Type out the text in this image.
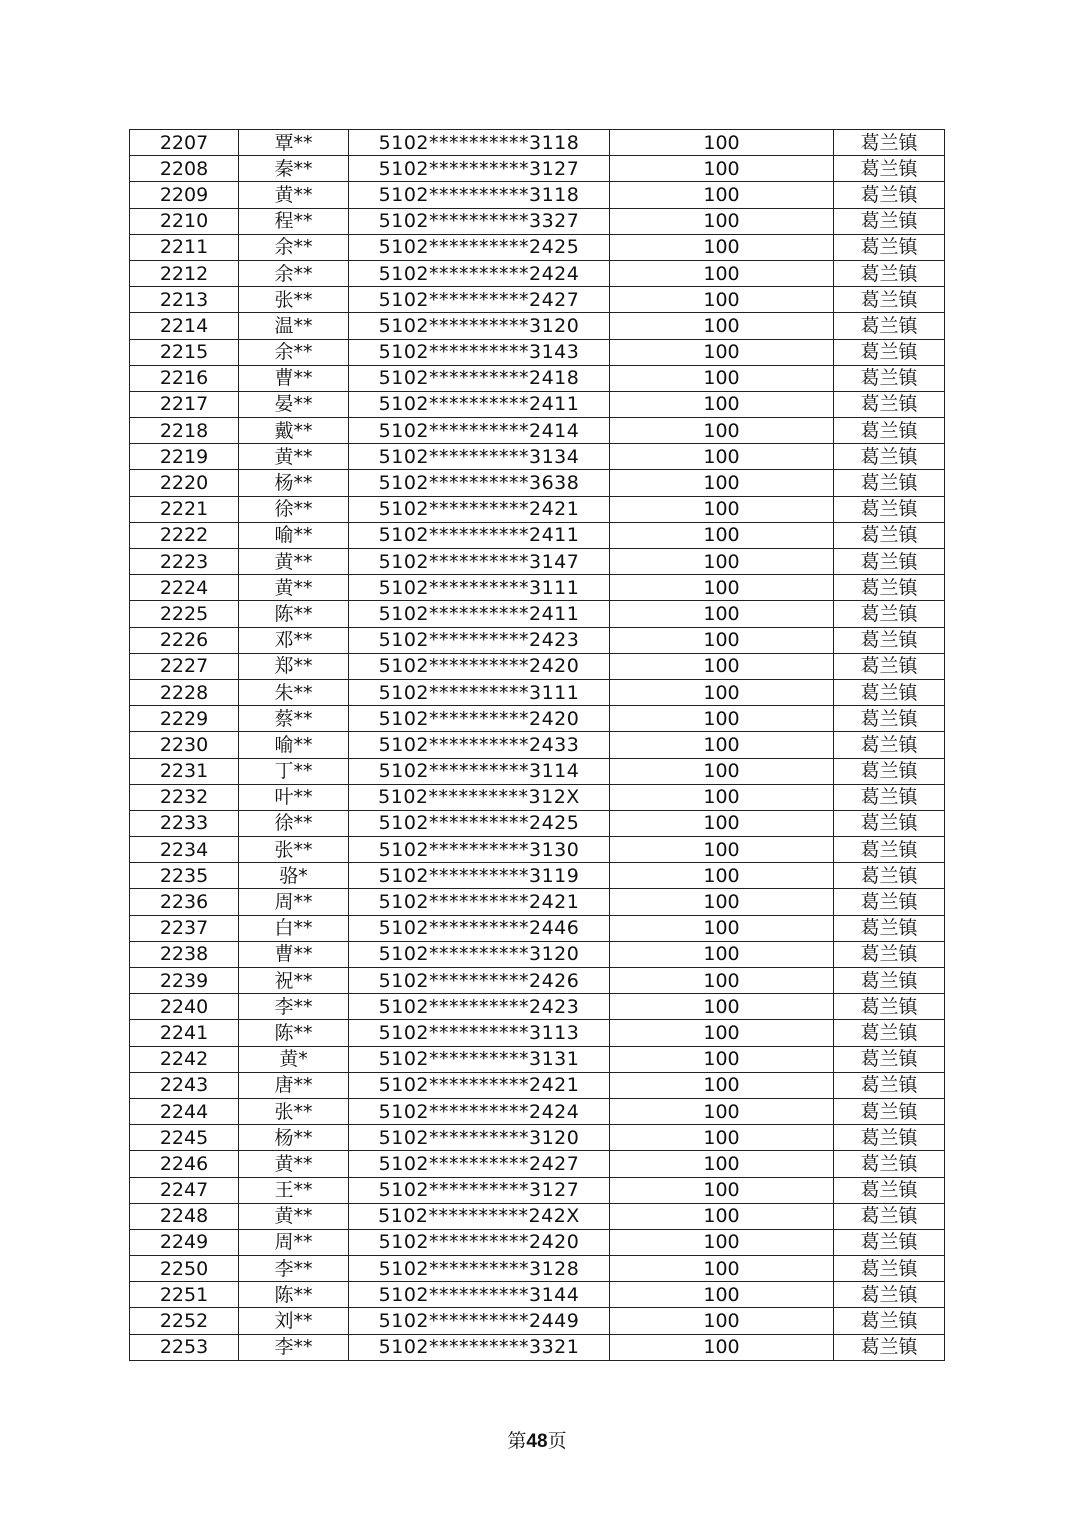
2207	覃**	5102**********3118	100	葛兰镇
2208	秦**	5102**********3127	100	葛兰镇
2209	黄**	5102**********3118	100	葛兰镇
2210	程**	5102**********3327	100	葛兰镇
2211	余**	5102**********2425	100	葛兰镇
2212	余**	5102**********2424	100	葛兰镇
2213	张**	5102**********2427	100	葛兰镇
2214	温**	5102**********3120	100	葛兰镇
2215	余**	5102**********3143	100	葛兰镇
2216	曹**	5102**********2418	100	葛兰镇
2217	晏**	5102**********2411	100	葛兰镇
2218	戴**	5102**********2414	100	葛兰镇
2219	黄**	5102**********3134	100	葛兰镇
2220	杨**	5102**********3638	100	葛兰镇
2221	徐**	5102**********2421	100	葛兰镇
2222	喻**	5102**********2411	100	葛兰镇
2223	黄**	5102**********3147	100	葛兰镇
2224	黄**	5102**********3111	100	葛兰镇
2225	陈**	5102**********2411	100	葛兰镇
2226	邓**	5102**********2423	100	葛兰镇
2227	郑**	5102**********2420	100	葛兰镇
2228	朱**	5102**********3111	100	葛兰镇
2229	蔡**	5102**********2420	100	葛兰镇
2230	喻**	5102**********2433	100	葛兰镇
2231	丁**	5102**********3114	100	葛兰镇
2232	叶**	5102**********312X	100	葛兰镇
2233	徐**	5102**********2425	100	葛兰镇
2234	张**	5102**********3130	100	葛兰镇
2235	骆*	5102**********3119	100	葛兰镇
2236	周**	5102**********2421	100	葛兰镇
2237	白**	5102**********2446	100	葛兰镇
2238	曹**	5102**********3120	100	葛兰镇
2239	祝**	5102**********2426	100	葛兰镇
2240	李**	5102**********2423	100	葛兰镇
2241	陈**	5102**********3113	100	葛兰镇
2242	黄*	5102**********3131	100	葛兰镇
2243	唐**	5102**********2421	100	葛兰镇
2244	张**	5102**********2424	100	葛兰镇
2245	杨**	5102**********3120	100	葛兰镇
2246	黄**	5102**********2427	100	葛兰镇
2247	王**	5102**********3127	100	葛兰镇
2248	黄**	5102**********242X	100	葛兰镇
2249	周**	5102**********2420	100	葛兰镇
2250	李**	5102**********3128	100	葛兰镇
2251	陈**	5102**********3144	100	葛兰镇
2252	刘**	5102**********2449	100	葛兰镇
2253	李**	5102**********3321	100	葛兰镇
第48页
